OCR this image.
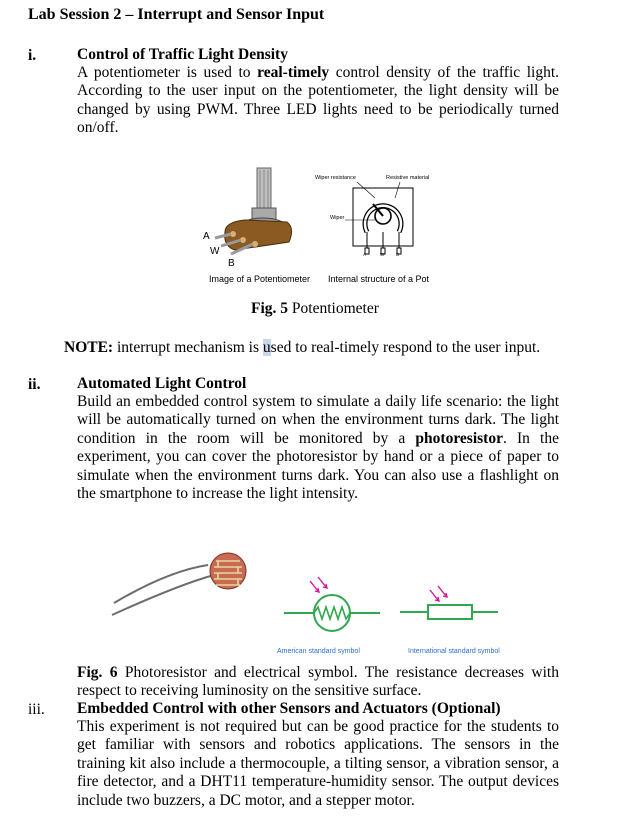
Lab Session 2 – Interrupt and Sensor Input
i.	Control of Traffic Light Density
A potentiometer is used to real-timely control density of the traffic light. According to the user input on the potentiometer, the light density will be changed by using PWM. Three LED lights need to be periodically turned on/off.
A
W
B
Image of a Potentiometer
Wiper resistance	Resistive material
Wiper
A	W	B
Internal structure of a Pot
Fig. 5 Potentiometer
NOTE: interrupt mechanism is used to real-timely respond to the user input.
ii. Automated Light Control
Build an embedded control system to simulate a daily life scenario: the light will be automatically turned on when the environment turns dark. The light condition in the room will be monitored by a photoresistor. In the experiment, you can cover the photoresistor by hand or a piece of paper to simulate when the environment turns dark. You can also use a flashlight on the smartphone to increase the light intensity.
American standard symbol	International standard symbol
Fig. 6 Photoresistor and electrical symbol. The resistance decreases with respect to receiving luminosity on the sensitive surface.
iii. Embedded Control with other Sensors and Actuators (Optional)
This experiment is not required but can be good practice for the students to get familiar with sensors and robotics applications. The sensors in the training kit also include a thermocouple, a tilting sensor, a vibration sensor, a fire detector, and a DHT11 temperature-humidity sensor. The output devices include two buzzers, a DC motor, and a stepper motor.
